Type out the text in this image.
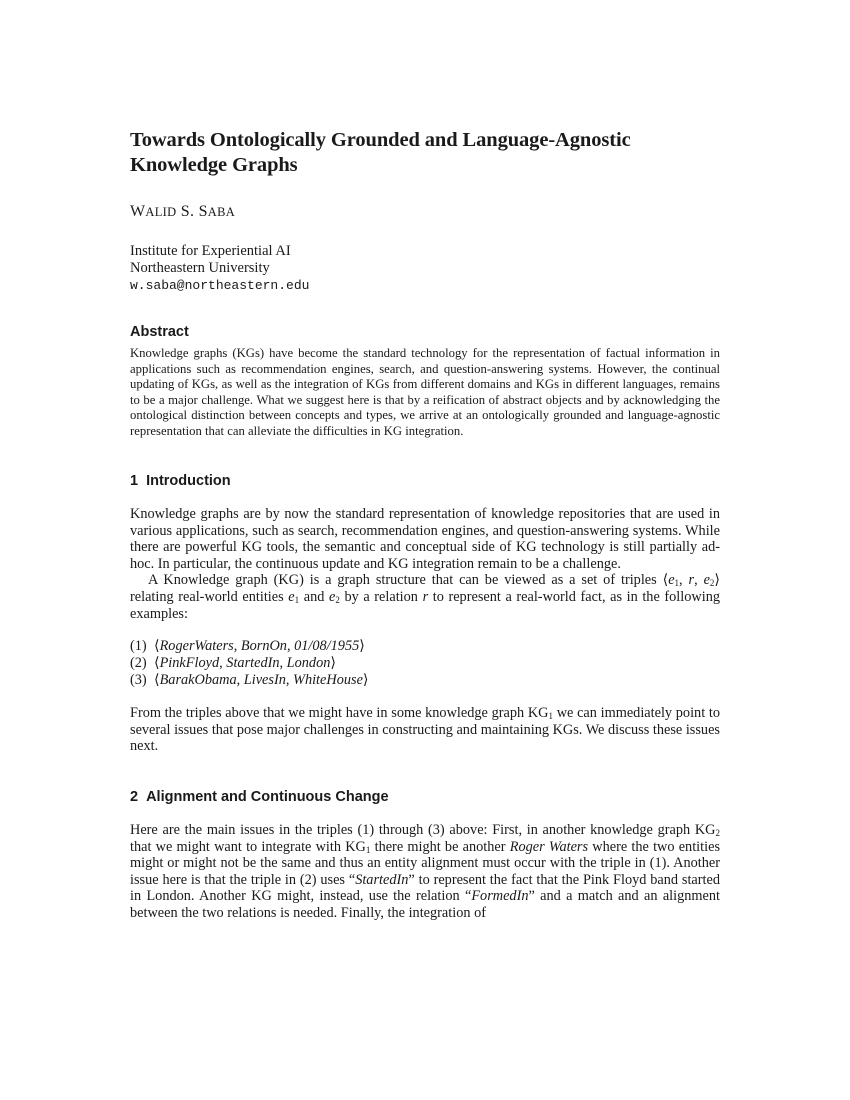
Towards Ontologically Grounded and Language-Agnostic
Knowledge Graphs
WALID S. SABA
Institute for Experiential AI
Northeastern University
w.saba@northeastern.edu
Abstract

Knowledge graphs (KGs) have become the standard technology for the representation of factual information in applications such as recommendation engines, search, and question-answering systems. However, the continual updating of KGs, as well as the integration of KGs from different domains and KGs in different languages, remains to be a major challenge. What we suggest here is that by a reification of abstract objects and by acknowledging the ontological distinction between concepts and types, we arrive at an ontologically grounded and language-agnostic representation that can alleviate the difficulties in KG integration.

1 Introduction

Knowledge graphs are by now the standard representation of knowledge repositories that are used in various applications, such as search, recommendation engines, and question-answering systems. While there are powerful KG tools, the semantic and conceptual side of KG technology is still partially ad-hoc. In particular, the continuous update and KG integration remain to be a challenge.

A Knowledge graph (KG) is a graph structure that can be viewed as a set of triples $⟨e_1$, r, $e_2⟩$ relating real-world entities $e_1$ and $e_2$ by a relation r to represent a real-world fact, as in the following examples:

(1) ⟨RogerWaters, BornOn, 01/08/1955⟩
(2) ⟨PinkFloyd, StartedIn, London⟩
(3) ⟨BarakObama, LivesIn, WhiteHouse⟩

From the triples above that we might have in some knowledge graph $KG_1$ we can immediately point to several issues that pose major challenges in constructing and maintaining KGs. We discuss these issues next.

2 Alignment and Continuous Change

Here are the main issues in the triples (1) through (3) above: First, in another knowledge graph $KG_2$ that we might want to integrate with $KG_1$ there might be another Roger Waters where the two entities might or might not be the same and thus an entity alignment must occur with the triple in (1). Another issue here is that the triple in (2) uses “StartedIn” to represent the fact that the Pink Floyd band started in London. Another KG might, instead, use the relation “FormedIn” and a match and an alignment between the two relations is needed. Finally, the integration of
